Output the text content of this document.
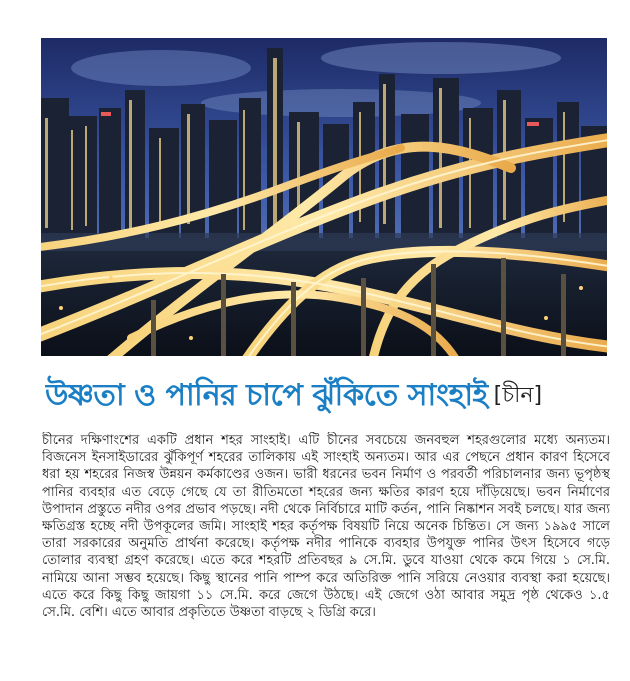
উষ্ণতা ও পানির চাপে ঝুঁকিতে সাংহাই [চীন]

চীনের দক্ষিণাংশের একটি প্রধান শহর সাংহাই। এটি চীনের সবচেয়ে জনবহুল শহরগুলোর মধ্যে অন্যতম। বিজনেস ইনসাইডারের ঝুঁকিপূর্ণ শহরের তালিকায় এই সাংহাই অন্যতম। আর এর পেছনে প্রধান কারণ হিসেবে ধরা হয় শহরের নিজস্ব উন্নয়ন কর্মকাণ্ডের ওজন। ভারী ধরনের ভবন নির্মাণ ও পরবর্তী পরিচালনার জন্য ভূপৃষ্ঠস্থ পানির ব্যবহার এত বেড়ে গেছে যে তা রীতিমতো শহরের জন্য ক্ষতির কারণ হয়ে দাঁড়িয়েছে। ভবন নির্মাণের উপাদান প্রস্তুতে নদীর ওপর প্রভাব পড়ছে। নদী থেকে নির্বিচারে মাটি কর্তন, পানি নিষ্কাশন সবই চলছে। যার জন্য ক্ষতিগ্রস্ত হচ্ছে নদী উপকূলের জমি। সাংহাই শহর কর্তৃপক্ষ বিষয়টি নিয়ে অনেক চিন্তিত। সে জন্য ১৯৯৫ সালে তারা সরকারের অনুমতি প্রার্থনা করেছে। কর্তৃপক্ষ নদীর পানিকে ব্যবহার উপযুক্ত পানির উৎস হিসেবে গড়ে তোলার ব্যবস্থা গ্রহণ করেছে। এতে করে শহরটি প্রতিবছর ৯ সে.মি. ডুবে যাওয়া থেকে কমে গিয়ে ১ সে.মি. নামিয়ে আনা সম্ভব হয়েছে। কিছু স্থানের পানি পাম্প করে অতিরিক্ত পানি সরিয়ে নেওয়ার ব্যবস্থা করা হয়েছে। এতে করে কিছু কিছু জায়গা ১১ সে.মি. করে জেগে উঠছে। এই জেগে ওঠা আবার সমুদ্র পৃষ্ঠ থেকেও ১.৫ সে.মি. বেশি। এতে আবার প্রকৃতিতে উষ্ণতা বাড়ছে ২ ডিগ্রি করে।
